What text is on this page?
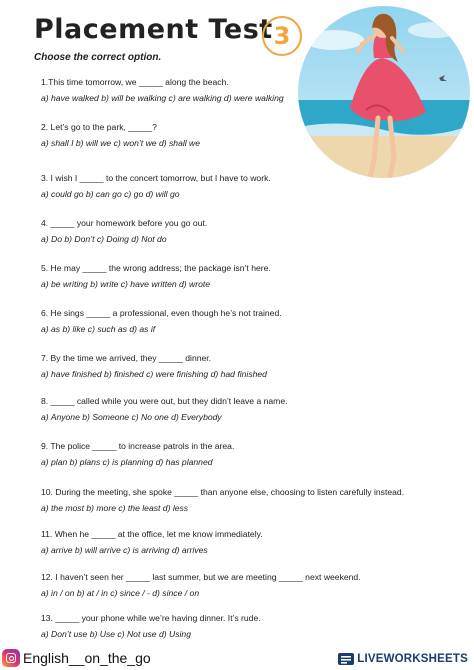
Placement Test 3
Choose the correct option.
1.This time tomorrow, we _____ along the beach.
a) have walked b) will be walking c) are walking d) were walking
2. Let’s go to the park, _____?
a) shall I b) will we c) won’t we d) shall we
3. I wish I _____ to the concert tomorrow, but I have to work.
a) could go b) can go c) go d) will go
4. _____ your homework before you go out.
a) Do b) Don’t c) Doing d) Not do
5. He may _____ the wrong address; the package isn’t here.
a) be writing b) write c) have written d) wrote
6. He sings _____ a professional, even though he’s not trained.
a) as b) like c) such as d) as if
7. By the time we arrived, they _____ dinner.
a) have finished b) finished c) were finishing d) had finished
8. _____ called while you were out, but they didn’t leave a name.
a) Anyone b) Someone c) No one d) Everybody
9. The police _____ to increase patrols in the area.
a) plan b) plans c) is planning d) has planned
10. During the meeting, she spoke _____ than anyone else, choosing to listen carefully instead.
a) the most b) more c) the least d) less
11. When he _____ at the office, let me know immediately.
a) arrive b) will arrive c) is arriving d) arrives
12. I haven’t seen her _____ last summer, but we are meeting _____ next weekend.
a) in / on b) at / in c) since / - d) since / on
13. _____ your phone while we’re having dinner. It’s rude.
a) Don’t use b) Use c) Not use d) Using
English__on_the_go	LIVEWORKSHEETS
